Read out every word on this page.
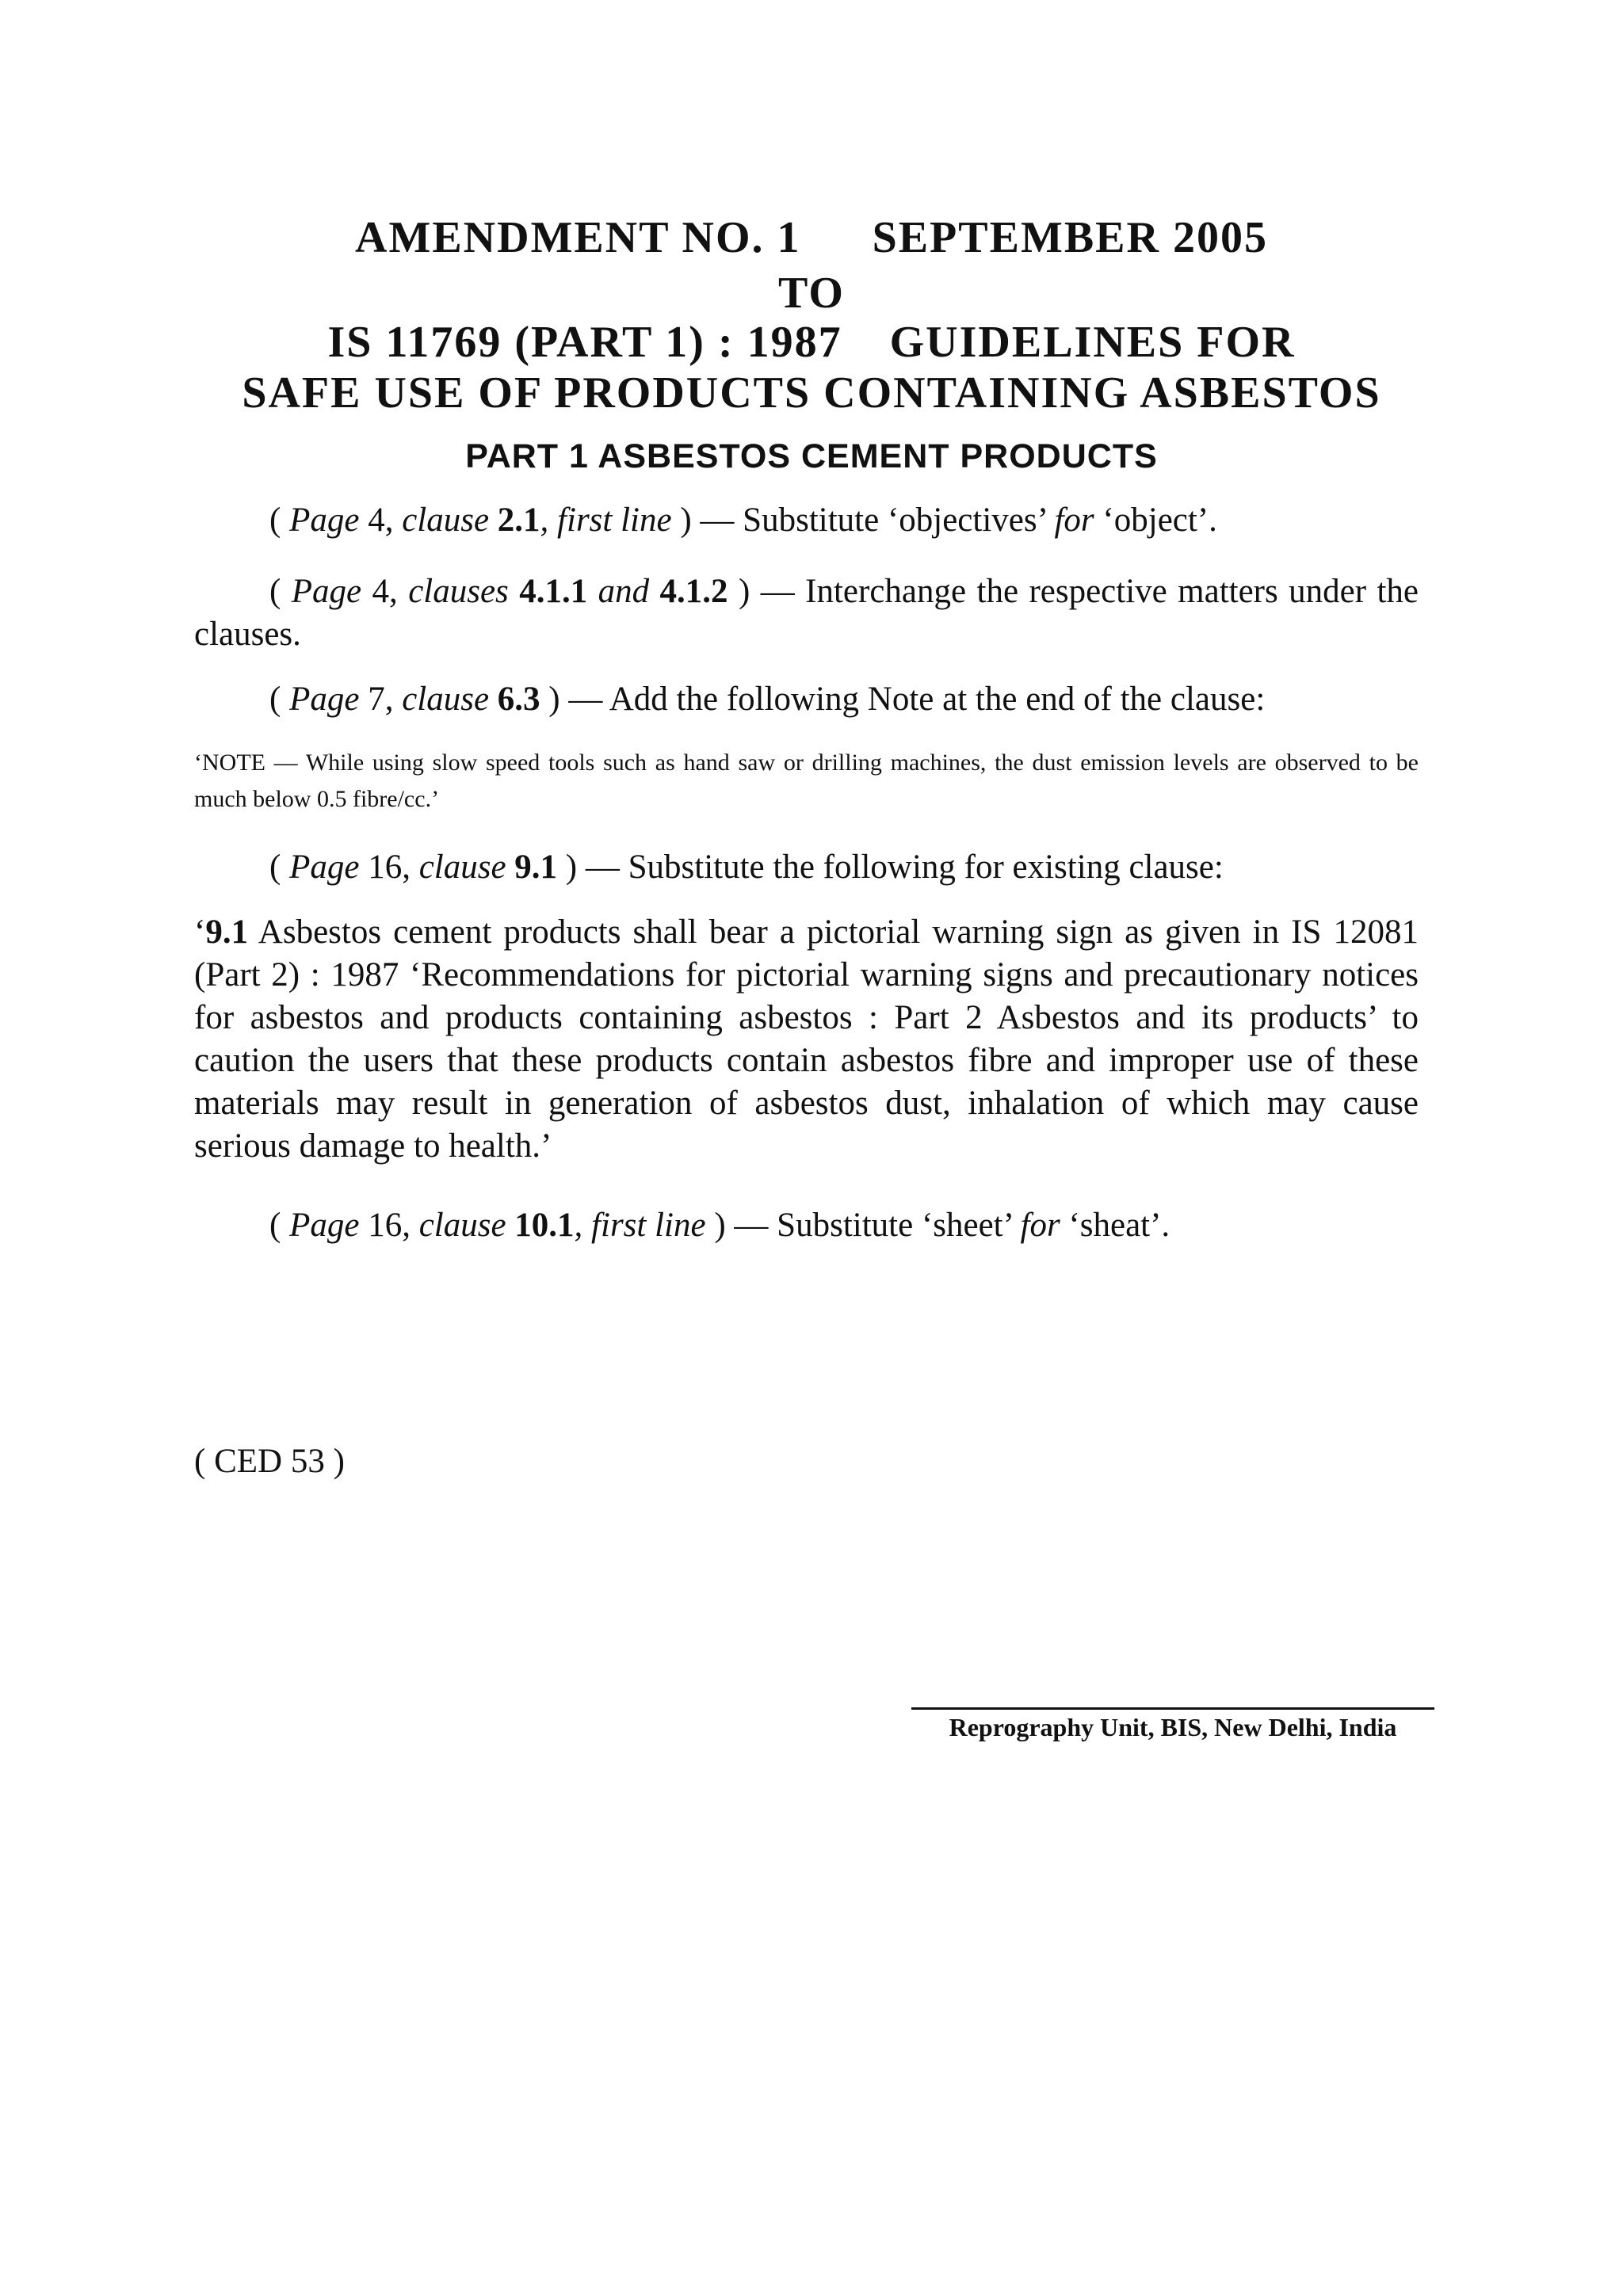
AMENDMENT NO. 1 SEPTEMBER 2005
TO
IS 11769 (PART 1) : 1987 GUIDELINES FOR
SAFE USE OF PRODUCTS CONTAINING ASBESTOS
PART 1 ASBESTOS CEMENT PRODUCTS
( Page 4, clause 2.1, first line ) — Substitute ‘objectives’ for ‘object’.
( Page 4, clauses 4.1.1 and 4.1.2 ) — Interchange the respective matters under the clauses.
( Page 7, clause 6.3 ) — Add the following Note at the end of the clause:
‘NOTE — While using slow speed tools such as hand saw or drilling machines, the dust emission levels are observed to be much below 0.5 fibre/cc.’
( Page 16, clause 9.1 ) — Substitute the following for existing clause:
‘9.1 Asbestos cement products shall bear a pictorial warning sign as given in IS 12081 (Part 2) : 1987 ‘Recommendations for pictorial warning signs and precautionary notices for asbestos and products containing asbestos : Part 2 Asbestos and its products’ to caution the users that these products contain asbestos fibre and improper use of these materials may result in generation of asbestos dust, inhalation of which may cause serious damage to health.’
( Page 16, clause 10.1, first line ) — Substitute ‘sheet’ for ‘sheat’.
( CED 53 )
Reprography Unit, BIS, New Delhi, India
